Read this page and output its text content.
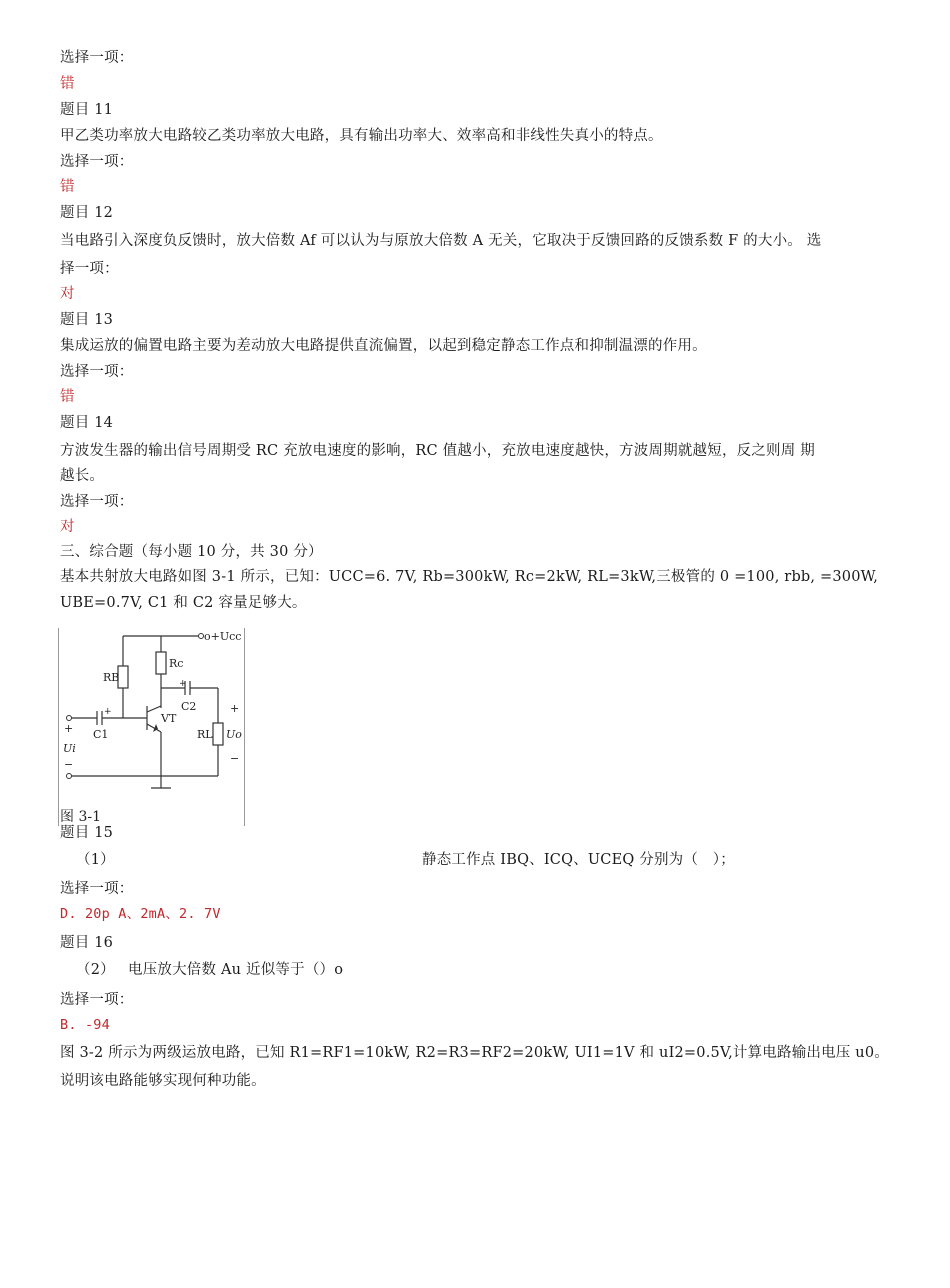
选择一项：
错
题目 11
甲乙类功率放大电路较乙类功率放大电路，具有输出功率大、效率高和非线性失真小的特点。
选择一项：
错
题目 12
当电路引入深度负反馈时，放大倍数 Af 可以认为与原放大倍数 A 无关，它取决于反馈回路的反馈系数 F 的大小。 选
择一项：
对
题目 13
集成运放的偏置电路主要为差动放大电路提供直流偏置，以起到稳定静态工作点和抑制温漂的作用。
选择一项：
错
题目 14
方波发生器的输出信号周期受 RC 充放电速度的影响，RC 值越小，充放电速度越快，方波周期就越短，反之则周 期
越长。
选择一项：
对
三、综合题（每小题 10 分，共 30 分）
基本共射放大电路如图 3-1 所示，已知：UCC=6. 7V, Rb=300kW, Rc=2kW, RL=3kW,三极管的 0 =100, rbb, =300W,
UBE=0.7V, C1 和 C2 容量足够大。
o+Ucc
RB
Rc
C2
C1
VT
RL Uo
Ui
+
−
+
−
+
+
图 3-1
题目 15
（1）	静态工作点 IBQ、ICQ、UCEQ 分别为（　）；
选择一项：
D. 20p A、2mA、2. 7V
题目 16
（2） 电压放大倍数 Au 近似等于（）o
选择一项：
B. -94
图 3-2 所示为两级运放电路，已知 R1=RF1=10kW, R2=R3=RF2=20kW, UI1=1V 和 uI2=0.5V,计算电路输出电压 u0。
说明该电路能够实现何种功能。
